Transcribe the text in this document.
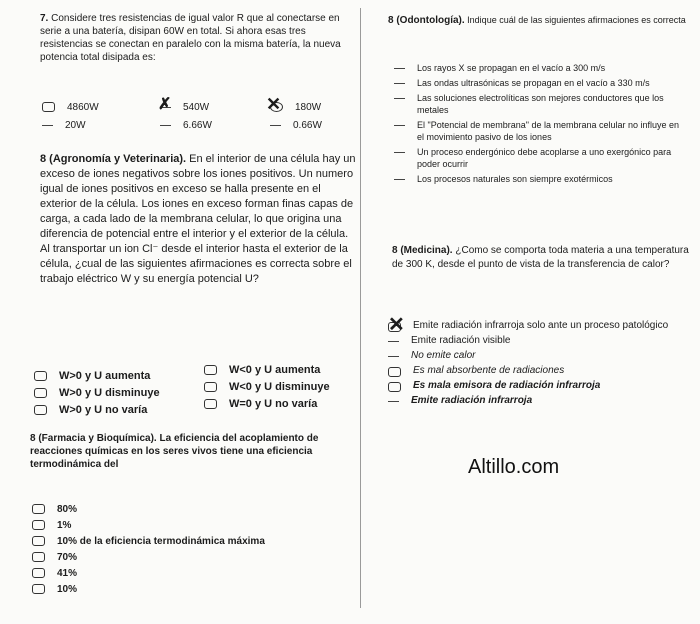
7. Considere tres resistencias de igual valor R que al conectarse en serie a una batería, disipan 60W en total. Si ahora esas tres resistencias se conectan en paralelo con la misma batería, la nueva potencia total disipada es:

4860W	540W	180W
20W	6.66W	0.66W
✕
✗

8 (Agronomía y Veterinaria). En el interior de una célula hay un exceso de iones negativos sobre los iones positivos. Un numero igual de iones positivos en exceso se halla presente en el exterior de la célula. Los iones en exceso forman finas capas de carga, a cada lado de la membrana celular, lo que origina una diferencia de potencial entre el interior y el exterior de la célula. Al transportar un ion Cl⁻ desde el interior hasta el exterior de la célula, ¿cual de las siguientes afirmaciones es correcta sobre el trabajo eléctrico W y su energía potencial U?

W>0 y U aumenta
W>0 y U disminuye
W>0 y U no varía
W<0 y U aumenta
W<0 y U disminuye
W=0 y U no varía

8 (Farmacia y Bioquímica). La eficiencia del acoplamiento de reacciones químicas en los seres vivos tiene una eficiencia termodinámica del

80%
1%
10% de la eficiencia termodinámica máxima
70%
41%
10%

8 (Odontología). Indique cuál de las siguientes afirmaciones es correcta

Los rayos X se propagan en el vacío a 300 m/s
Las ondas ultrasónicas se propagan en el vacío a 330 m/s
Las soluciones electrolíticas son mejores conductores que los metales
El "Potencial de membrana" de la membrana celular no influye en el movimiento pasivo de los iones
Un proceso endergónico debe acoplarse a uno exergónico para poder ocurrir
Los procesos naturales son siempre exotérmicos

8 (Medicina). ¿Como se comporta toda materia a una temperatura de 300 K, desde el punto de vista de la transferencia de calor?

Emite radiación infrarroja solo ante un proceso patológico
Emite radiación visible
No emite calor
Es mal absorbente de radiaciones
Es mala emisora de radiación infrarroja
Emite radiación infrarroja
✕
Altillo.com
